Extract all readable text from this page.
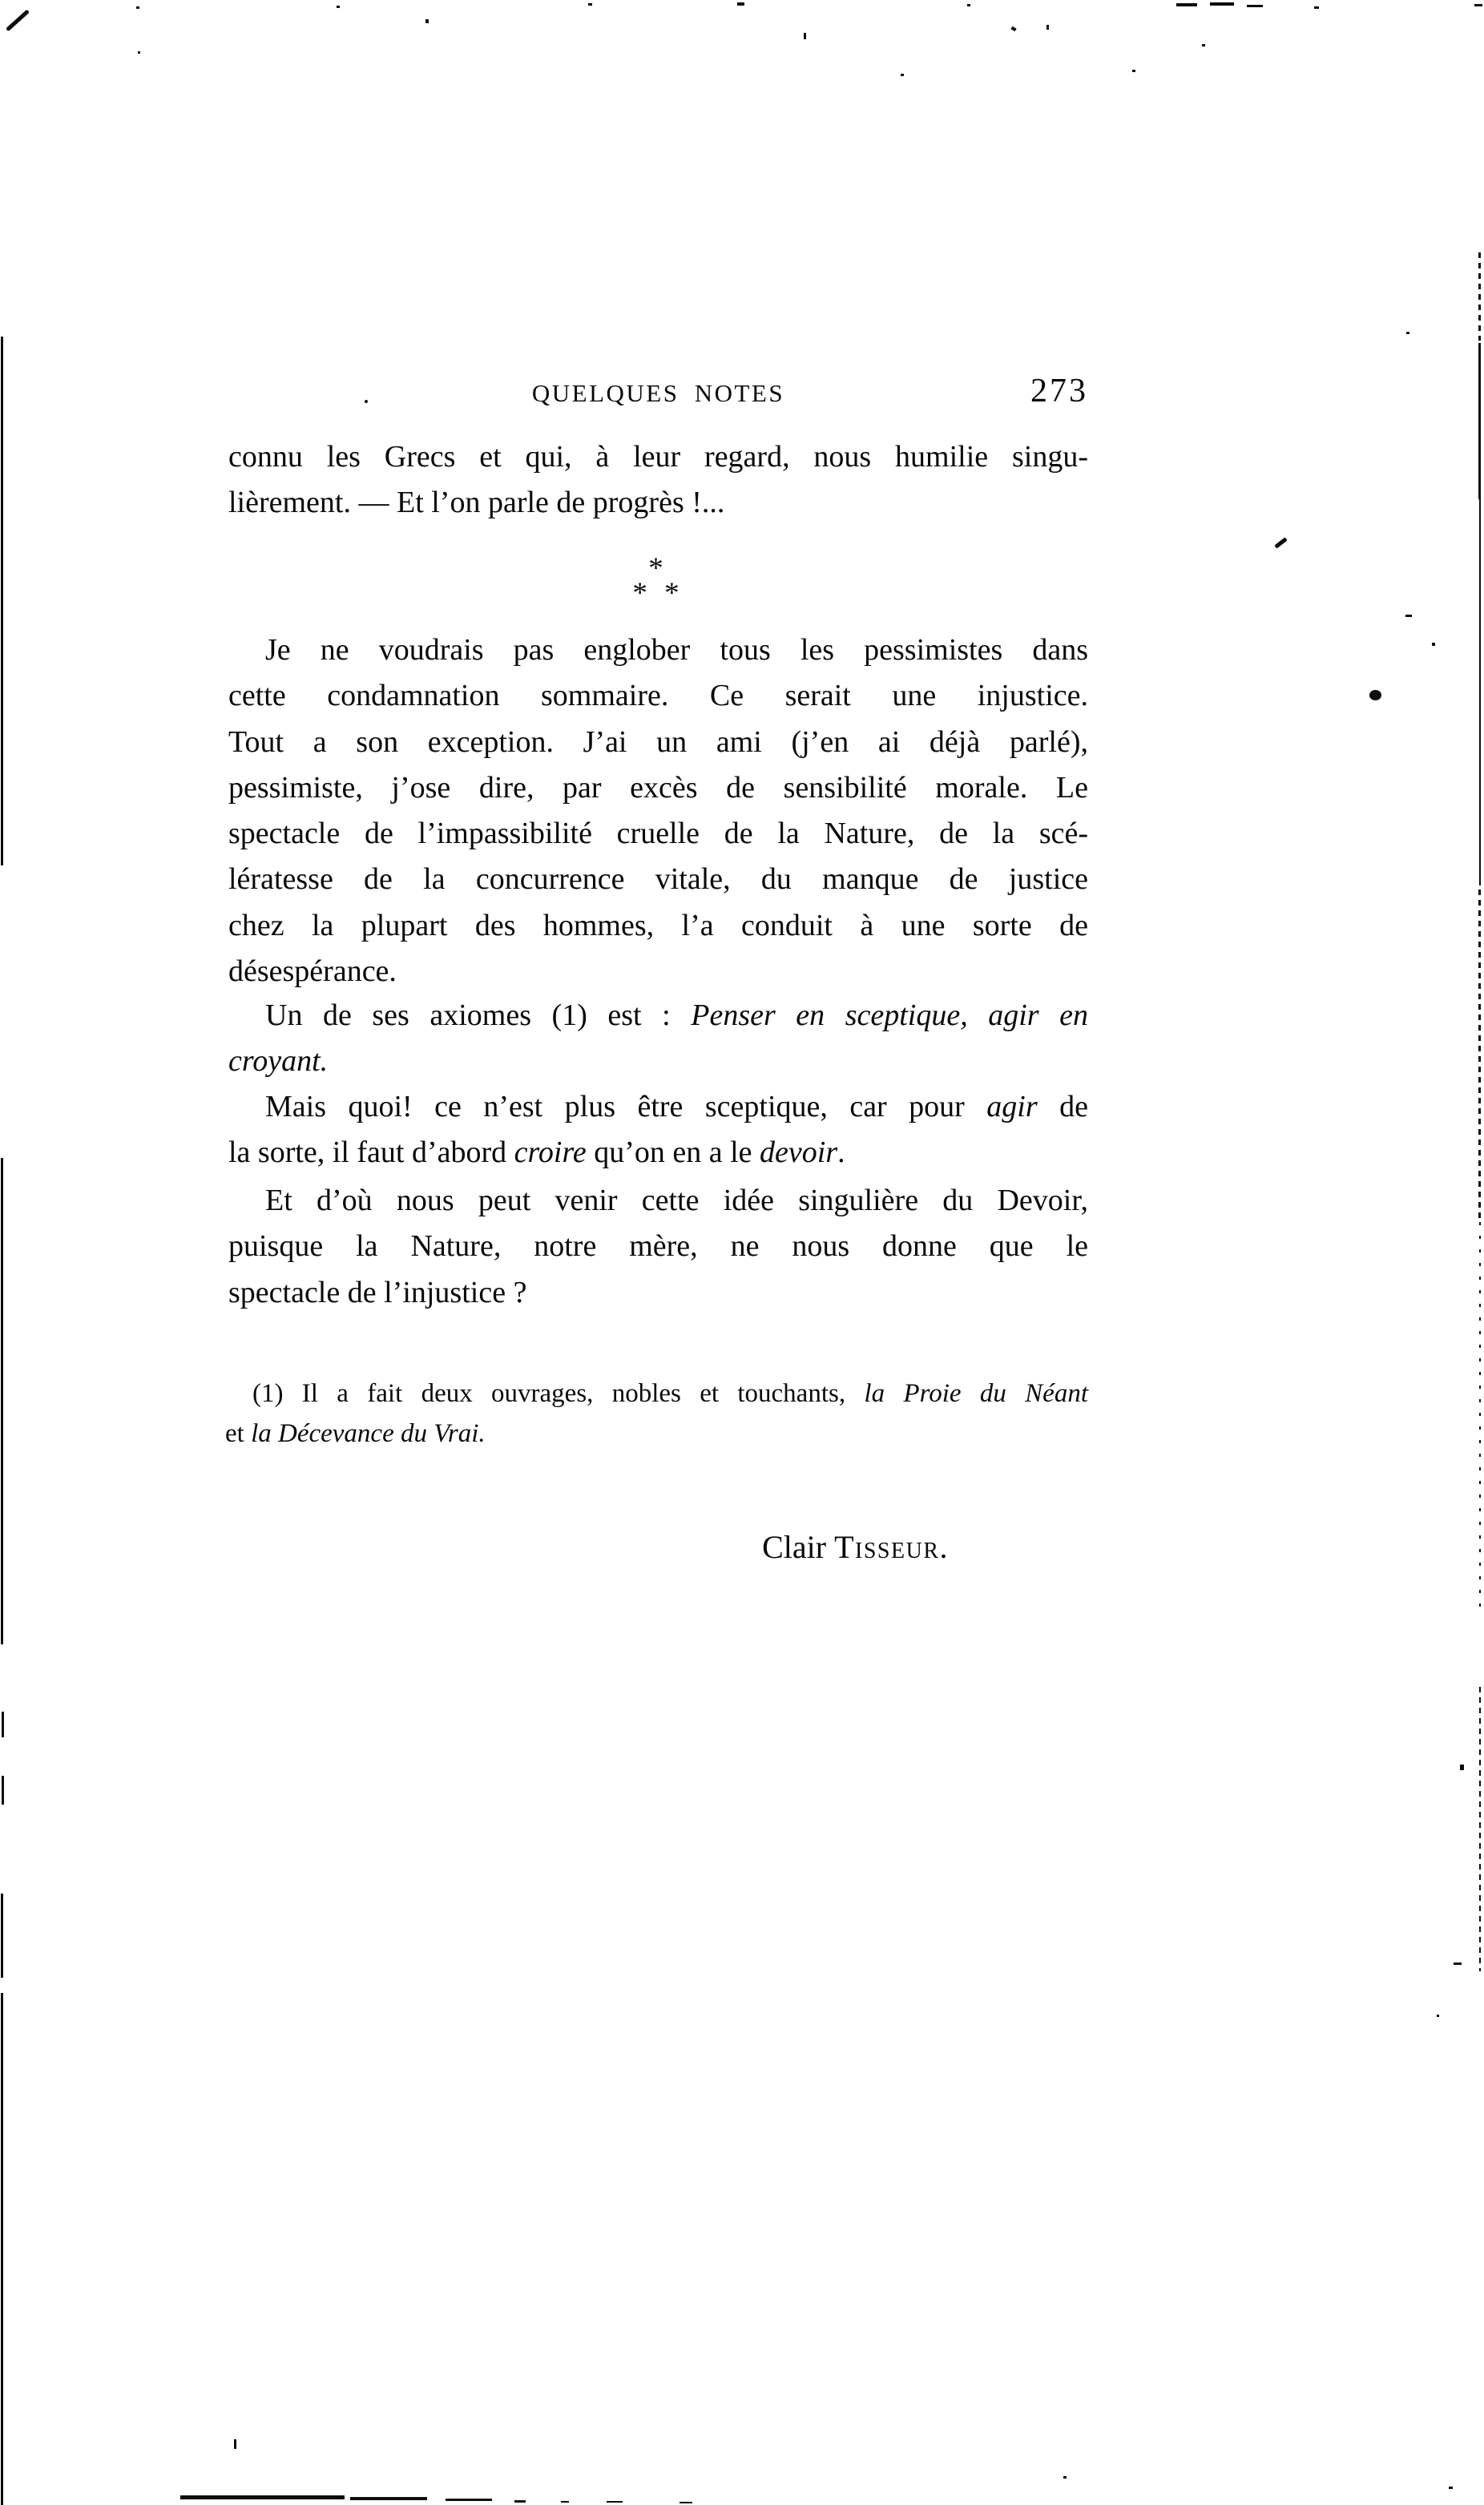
QUELQUES NOTES	273
connu les Grecs et qui, à leur regard, nous humilie singu-
lièrement. — Et l’on parle de progrès !...
*
* *
Je ne voudrais pas englober tous les pessimistes dans
cette condamnation sommaire. Ce serait une injustice.
Tout a son exception. J’ai un ami (j’en ai déjà parlé),
pessimiste, j’ose dire, par excès de sensibilité morale. Le
spectacle de l’impassibilité cruelle de la Nature, de la scé-
lératesse de la concurrence vitale, du manque de justice
chez la plupart des hommes, l’a conduit à une sorte de
désespérance.
Un de ses axiomes (1) est : Penser en sceptique, agir en
croyant.
Mais quoi! ce n’est plus être sceptique, car pour agir de
la sorte, il faut d’abord croire qu’on en a le devoir.
Et d’où nous peut venir cette idée singulière du Devoir,
puisque la Nature, notre mère, ne nous donne que le
spectacle de l’injustice ?
(1) Il a fait deux ouvrages, nobles et touchants, la Proie du Néant
et la Décevance du Vrai.
Clair Tisseur.
